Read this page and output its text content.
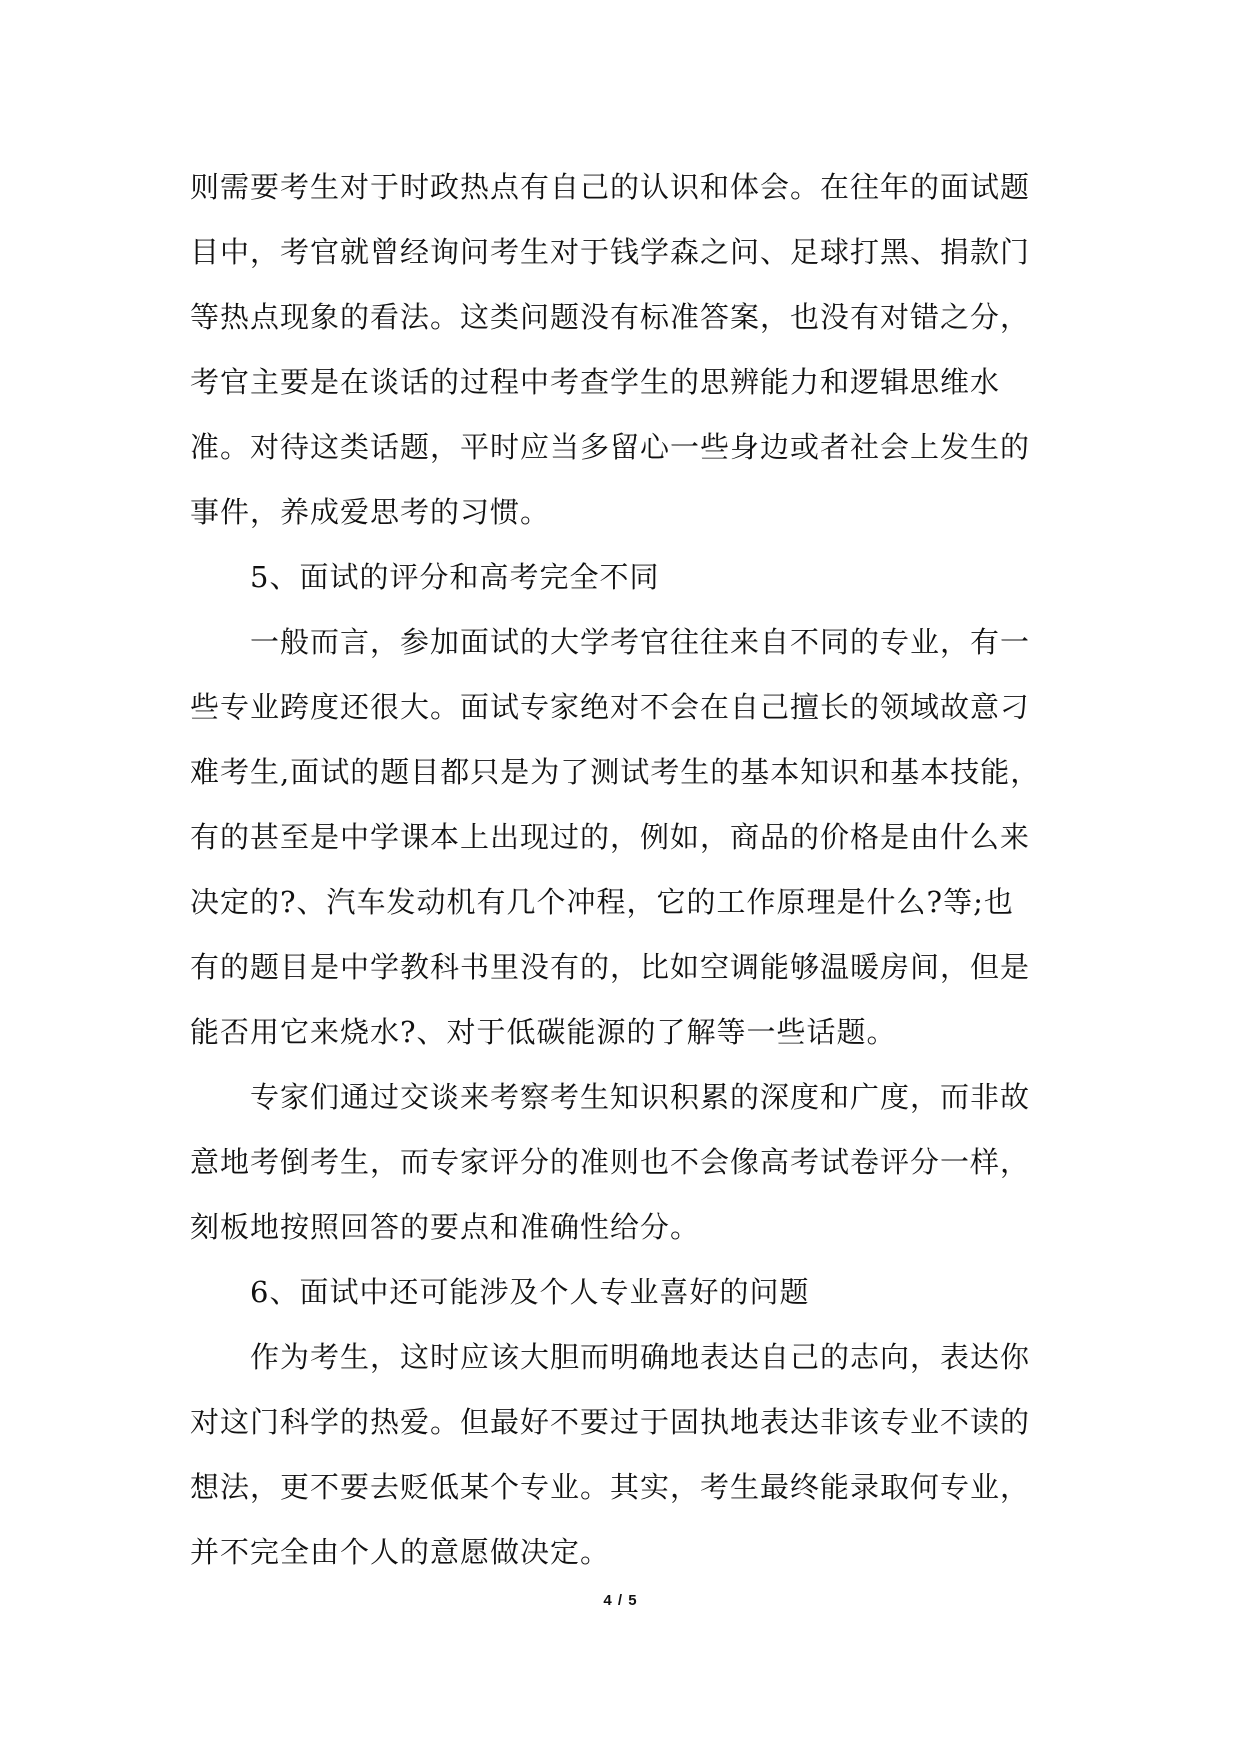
则需要考生对于时政热点有自己的认识和体会。在往年的面试题
目中，考官就曾经询问考生对于钱学森之问、足球打黑、捐款门
等热点现象的看法。这类问题没有标准答案，也没有对错之分，
考官主要是在谈话的过程中考查学生的思辨能力和逻辑思维水
准。对待这类话题，平时应当多留心一些身边或者社会上发生的
事件，养成爱思考的习惯。
5、面试的评分和高考完全不同
一般而言，参加面试的大学考官往往来自不同的专业，有一
些专业跨度还很大。面试专家绝对不会在自己擅长的领域故意刁
难考生,面试的题目都只是为了测试考生的基本知识和基本技能，
有的甚至是中学课本上出现过的，例如，商品的价格是由什么来
决定的?、汽车发动机有几个冲程，它的工作原理是什么?等;也
有的题目是中学教科书里没有的，比如空调能够温暖房间，但是
能否用它来烧水?、对于低碳能源的了解等一些话题。
专家们通过交谈来考察考生知识积累的深度和广度，而非故
意地考倒考生，而专家评分的准则也不会像高考试卷评分一样，
刻板地按照回答的要点和准确性给分。
6、面试中还可能涉及个人专业喜好的问题
作为考生，这时应该大胆而明确地表达自己的志向，表达你
对这门科学的热爱。但最好不要过于固执地表达非该专业不读的
想法，更不要去贬低某个专业。其实，考生最终能录取何专业，
并不完全由个人的意愿做决定。
4 / 5
